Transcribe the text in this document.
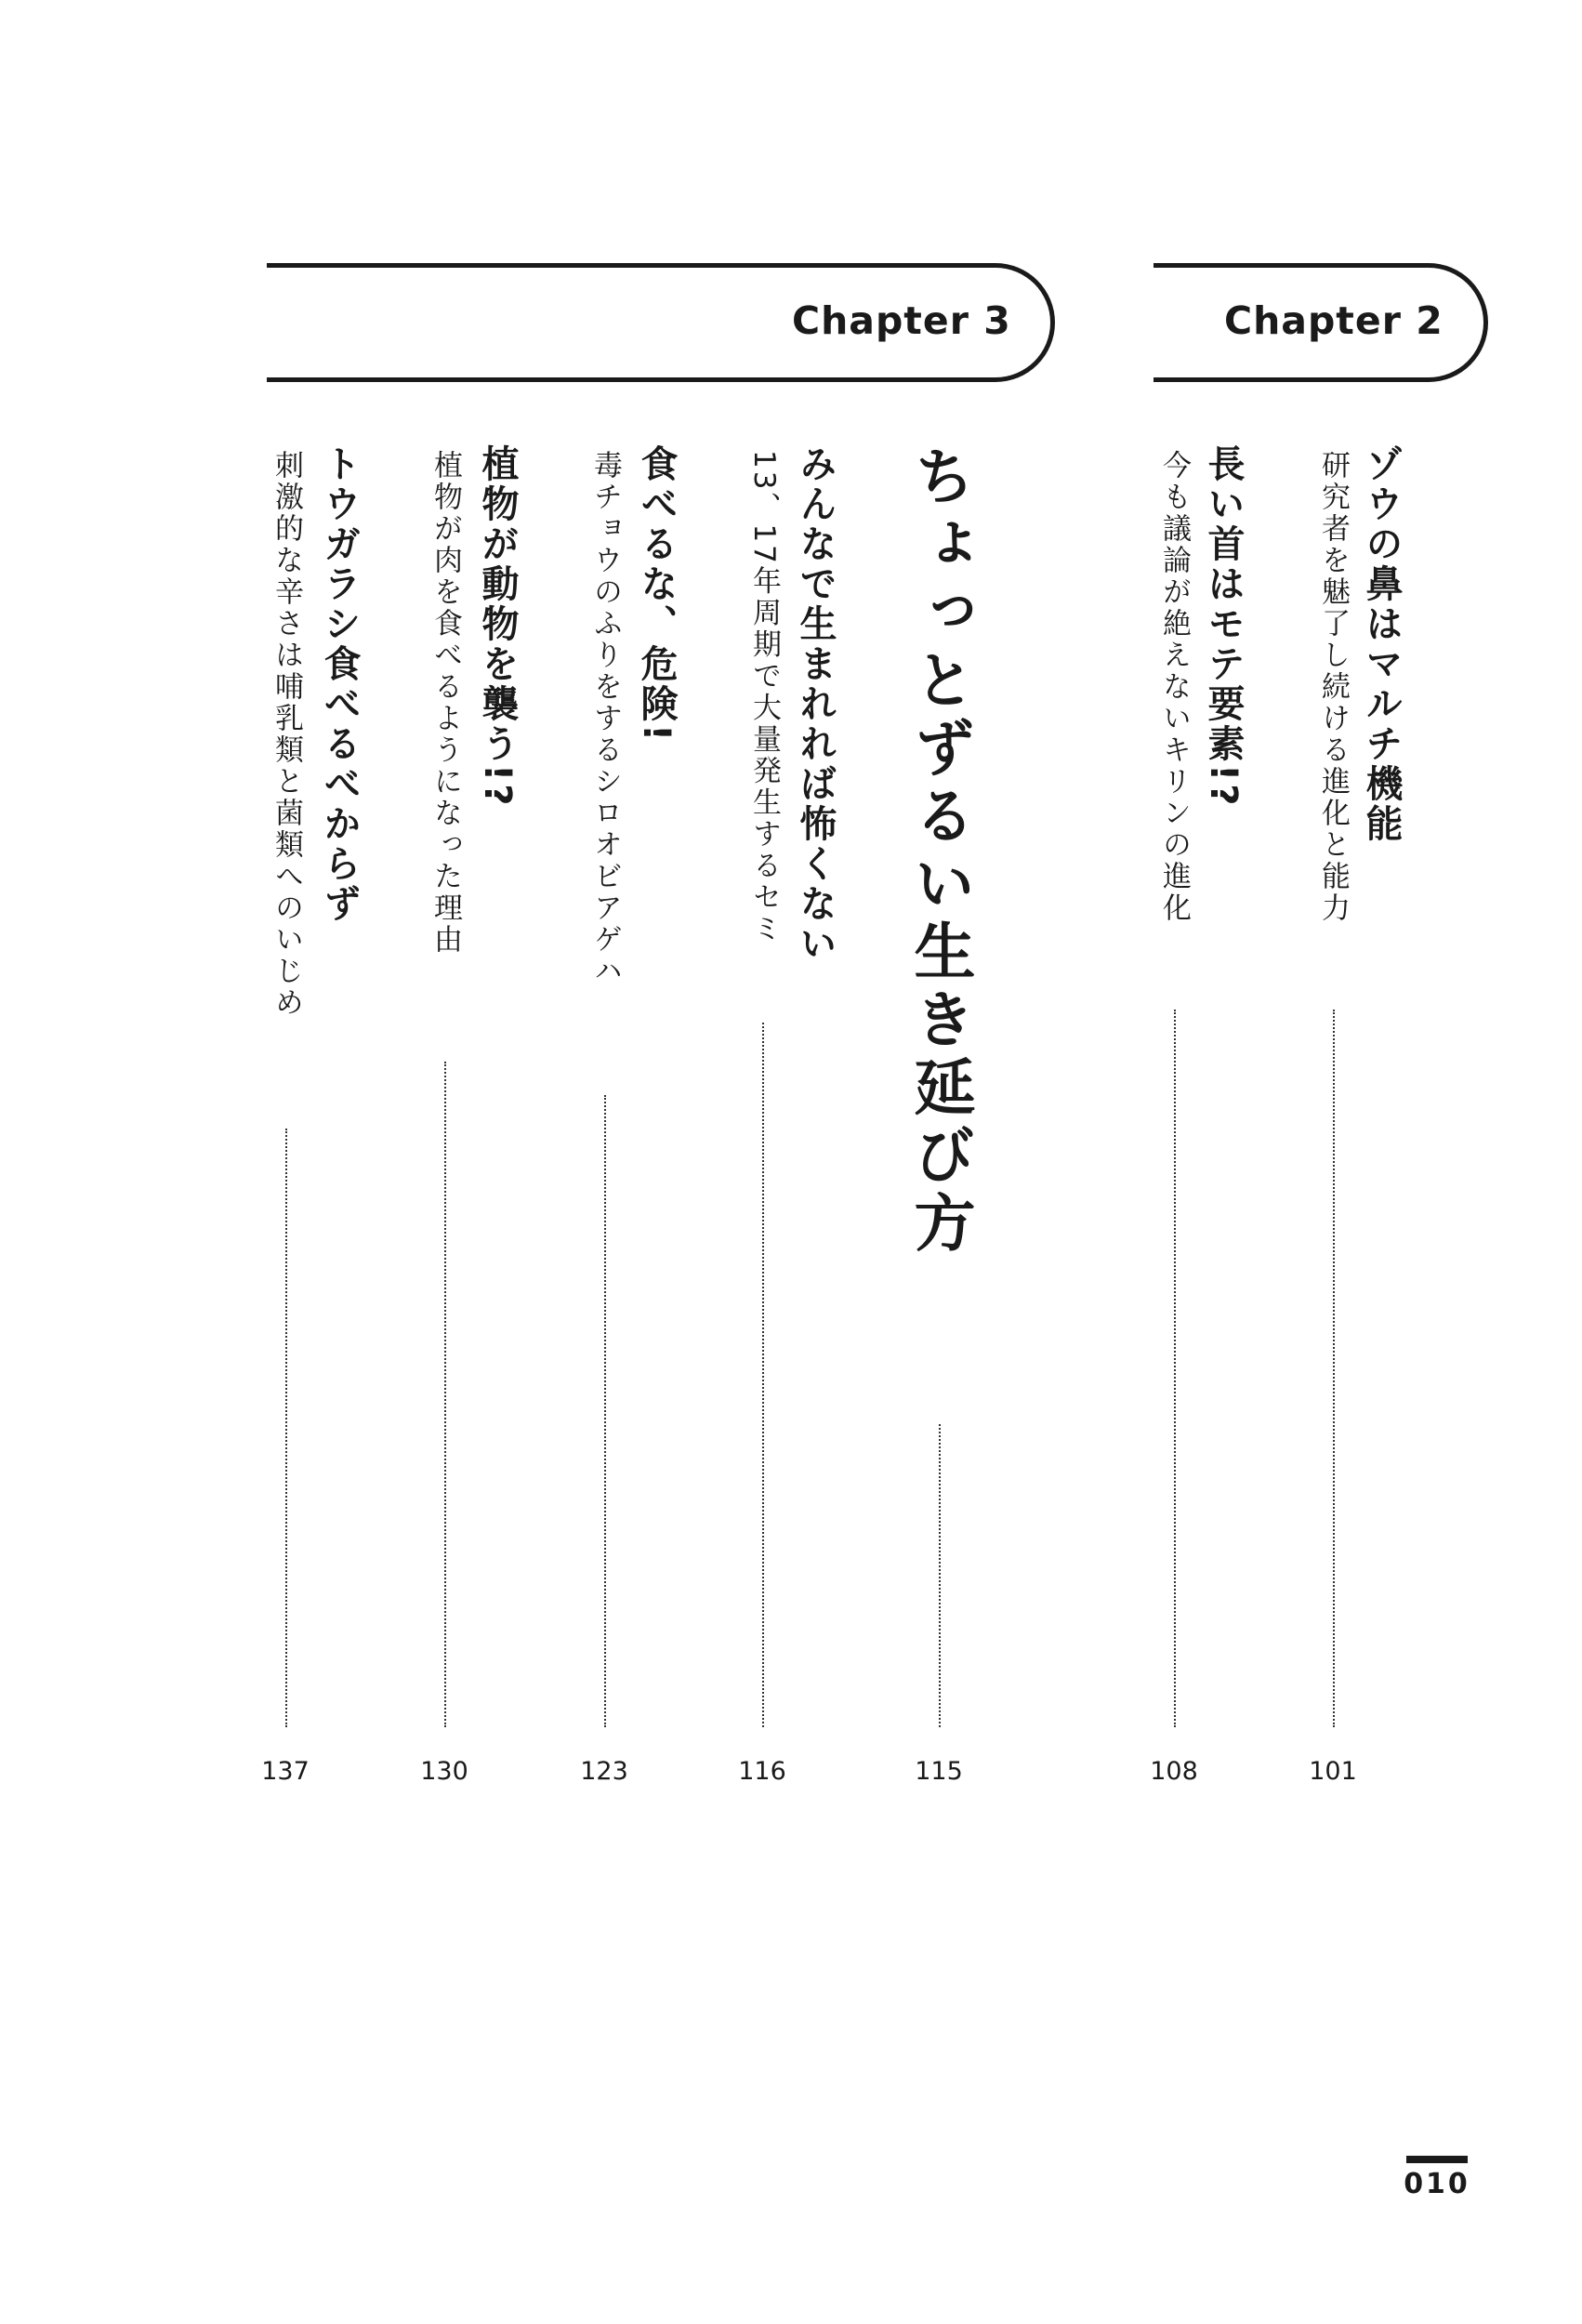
Chapter 3	Chapter 2
ゾウの鼻はマルチ機能
研究者を魅了し続ける進化と能力
101
長い首はモテ要素!?
今も議論が絶えないキリンの進化
108
ちょっとずるい生き延び方
115
みんなで生まれれば怖くない
13、17年周期で大量発生するセミ
116
食べるな、危険!
毒チョウのふりをするシロオビアゲハ
123
植物が動物を襲う!?
植物が肉を食べるようになった理由
130
トウガラシ食べるべからず
刺激的な辛さは哺乳類と菌類へのいじめ
137
010
